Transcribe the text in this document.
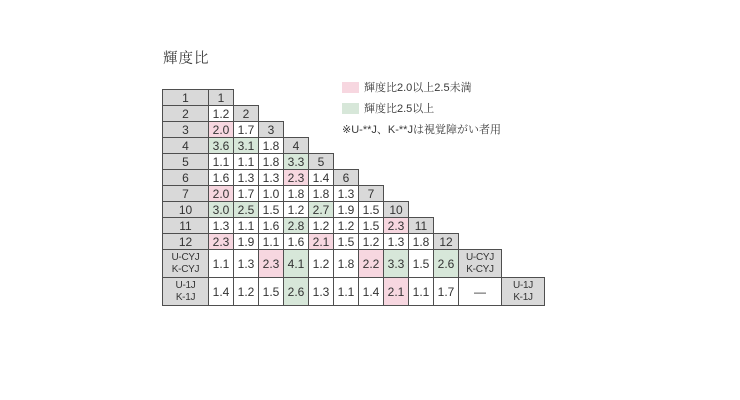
輝度比
輝度比2.0以上2.5未満
輝度比2.5以上
※U-**J、K-**Jは視覚障がい者用
1	1											
2	1.2	2										
3	2.0	1.7	3									
4	3.6	3.1	1.8	4								
5	1.1	1.1	1.8	3.3	5							
6	1.6	1.3	1.3	2.3	1.4	6						
7	2.0	1.7	1.0	1.8	1.8	1.3	7					
10	3.0	2.5	1.5	1.2	2.7	1.9	1.5	10				
11	1.3	1.1	1.6	2.8	1.2	1.2	1.5	2.3	11			
12	2.3	1.9	1.1	1.6	2.1	1.5	1.2	1.3	1.8	12		
U-CYJ
K-CYJ	1.1	1.3	2.3	4.1	1.2	1.8	2.2	3.3	1.5	2.6	U-CYJ
K-CYJ	
U-1J
K-1J	1.4	1.2	1.5	2.6	1.3	1.1	1.4	2.1	1.1	1.7	—	U-1J
K-1J
